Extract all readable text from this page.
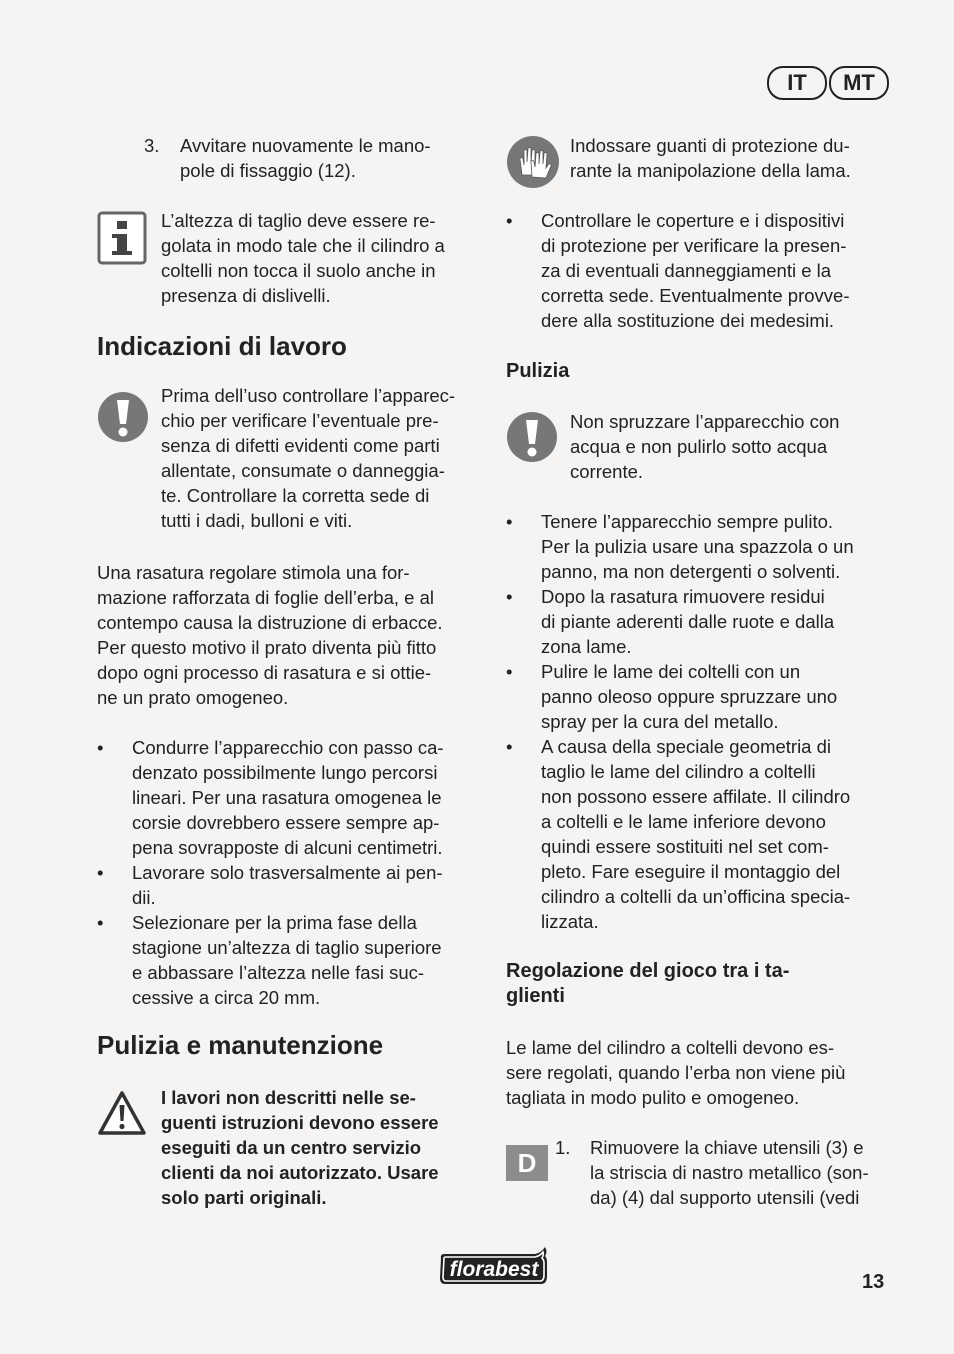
IT	MT
3. Avvitare nuovamente le mano-

pole di fissaggio (12).

L’altezza di taglio deve essere re-

golata in modo tale che il cilindro a

coltelli non tocca il suolo anche in

presenza di dislivelli.

Indicazioni di lavoro

Prima dell’uso controllare l’apparec-

chio per verificare l’eventuale pre-

senza di difetti evidenti come parti

allentate, consumate o danneggia-

te. Controllare la corretta sede di

tutti i dadi, bulloni e viti.

Una rasatura regolare stimola una for-

mazione rafforzata di foglie dell’erba, e al

contempo causa la distruzione di erbacce.

Per questo motivo il prato diventa più fitto

dopo ogni processo di rasatura e si ottie-

ne un prato omogeneo.

• Condurre l’apparecchio con passo ca-

denzato possibilmente lungo percorsi

lineari. Per una rasatura omogenea le

corsie dovrebbero essere sempre ap-

pena sovrapposte di alcuni centimetri.

• Lavorare solo trasversalmente ai pen-

dii.

• Selezionare per la prima fase della

stagione un’altezza di taglio superiore

e abbassare l’altezza nelle fasi suc-

cessive a circa 20 mm.

Pulizia e manutenzione

I lavori non descritti nelle se-

guenti istruzioni devono essere

eseguiti da un centro servizio

clienti da noi autorizzato. Usare

solo parti originali.

Indossare guanti di protezione du-

rante la manipolazione della lama.

• Controllare le coperture e i dispositivi

di protezione per verificare la presen-

za di eventuali danneggiamenti e la

corretta sede. Eventualmente provve-

dere alla sostituzione dei medesimi.

Pulizia

Non spruzzare l’apparecchio con

acqua e non pulirlo sotto acqua

corrente.

• Tenere l’apparecchio sempre pulito.

Per la pulizia usare una spazzola o un

panno, ma non detergenti o solventi.

• Dopo la rasatura rimuovere residui

di piante aderenti dalle ruote e dalla

zona lame.

• Pulire le lame dei coltelli con un

panno oleoso oppure spruzzare uno

spray per la cura del metallo.

• A causa della speciale geometria di

taglio le lame del cilindro a coltelli

non possono essere affilate. Il cilindro

a coltelli e le lame inferiore devono

quindi essere sostituiti nel set com-

pleto. Fare eseguire il montaggio del

cilindro a coltelli da un’officina specia-

lizzata.

Regolazione del gioco tra i ta-

glienti

Le lame del cilindro a coltelli devono es-

sere regolati, quando l’erba non viene più

tagliata in modo pulito e omogeneo.

D
1. Rimuovere la chiave utensili (3) e

la striscia di nastro metallico (son-

da) (4) dal supporto utensili (vedi

florabest
13
